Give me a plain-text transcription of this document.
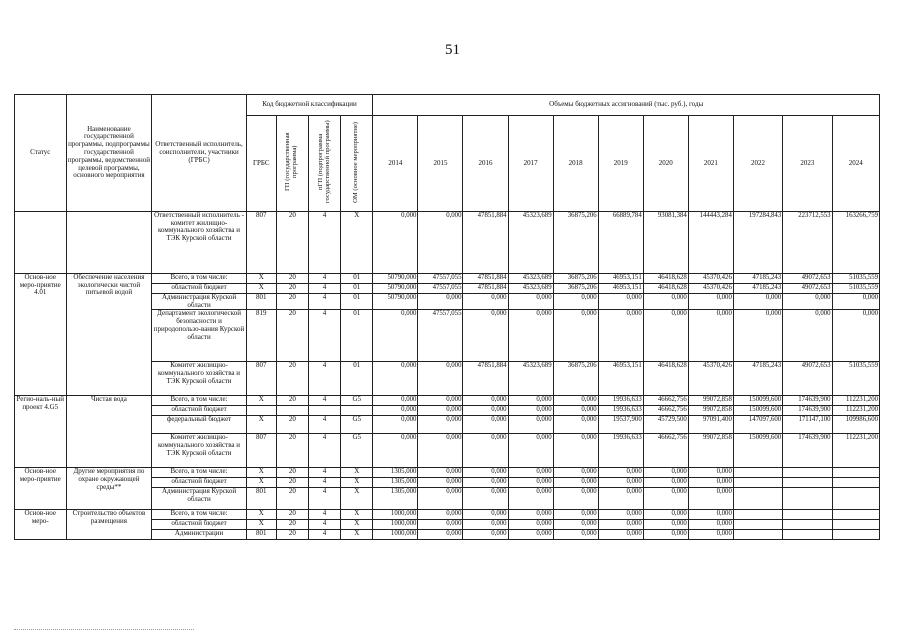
51
Статус	Наименование государственной программы, подпрограммы государственной программы, ведомственной целевой программы, основного мероприятия	Ответственный исполнитель, соисполнители, участники (ГРБС)	Код бюджетной классификации				Объемы бюджетных ассигнований (тыс. руб.), годы										
			ГРБС	ГП (государственная программа)	пГП (подпрограмма государственной программы)	ОМ (основное мероприятие)	2014	2015	2016	2017	2018	2019	2020	2021	2022	2023	2024
		Ответственный исполнитель - комитет жилищно-коммунального хозяйства и ТЭК Курской области	807	20	4	Х	0,000	0,000	47851,884	45323,689	36875,206	66889,784	93081,384	144443,284	197284,843	223712,553	163266,759
Основ-ное меро-приятие 4.01	Обеспечение населения экологически чистой питьевой водой	Всего, в том числе:	Х	20	4	01	50790,000	47557,055	47851,884	45323,689	36875,206	46953,151	46418,628	45370,426	47185,243	49072,653	51035,559
		областной бюджет	Х	20	4	01	50790,000	47557,055	47851,884	45323,689	36875,206	46953,151	46418,628	45370,426	47185,243	49072,653	51035,559
		Администрация Курской области	801	20	4	01	50790,000	0,000	0,000	0,000	0,000	0,000	0,000	0,000	0,000	0,000	0,000
		Департамент экологической безопасности и природопользо-вания Курской области	819	20	4	01	0,000	47557,055	0,000	0,000	0,000	0,000	0,000	0,000	0,000	0,000	0,000
		Комитет жилищно-коммунального хозяйства и ТЭК Курской области	807	20	4	01	0,000	0,000	47851,884	45323,689	36875,206	46953,151	46418,628	45370,426	47185,243	49072,653	51035,559
Регио-наль-ный проект 4.G5	Чистая вода	Всего, в том числе:	Х	20	4	G5	0,000	0,000	0,000	0,000	0,000	19936,633	46662,756	99072,858	150099,600	174639,900	112231,200
		областной бюджет					0,000	0,000	0,000	0,000	0,000	19936,633	46662,756	99072,858	150099,600	174639,900	112231,200
		федеральный бюджет	Х	20	4	G5	0,000	0,000	0,000	0,000	0,000	19537,900	45729,500	97091,400	147097,600	171147,100	109986,600
		Комитет жилищно-коммунального хозяйства и ТЭК Курской области	807	20	4	G5	0,000	0,000	0,000	0,000	0,000	19936,633	46662,756	99072,858	150099,600	174639,900	112231,200
Основ-ное меро-приятие	Другие мероприятия по охране окружающей среды**	Всего, в том числе:	Х	20	4	Х	1305,000	0,000	0,000	0,000	0,000	0,000	0,000	0,000			
		областной бюджет	Х	20	4	Х	1305,000	0,000	0,000	0,000	0,000	0,000	0,000	0,000			
		Администрация Курской области	801	20	4	Х	1305,000	0,000	0,000	0,000	0,000	0,000	0,000	0,000			
Основ-ное меро-	Строительство объектов размещения	Всего, в том числе:	Х	20	4	Х	1000,000	0,000	0,000	0,000	0,000	0,000	0,000	0,000			
		областной бюджет	Х	20	4	Х	1000,000	0,000	0,000	0,000	0,000	0,000	0,000	0,000			
		Администрации	801	20	4	Х	1000,000	0,000	0,000	0,000	0,000	0,000	0,000	0,000			
